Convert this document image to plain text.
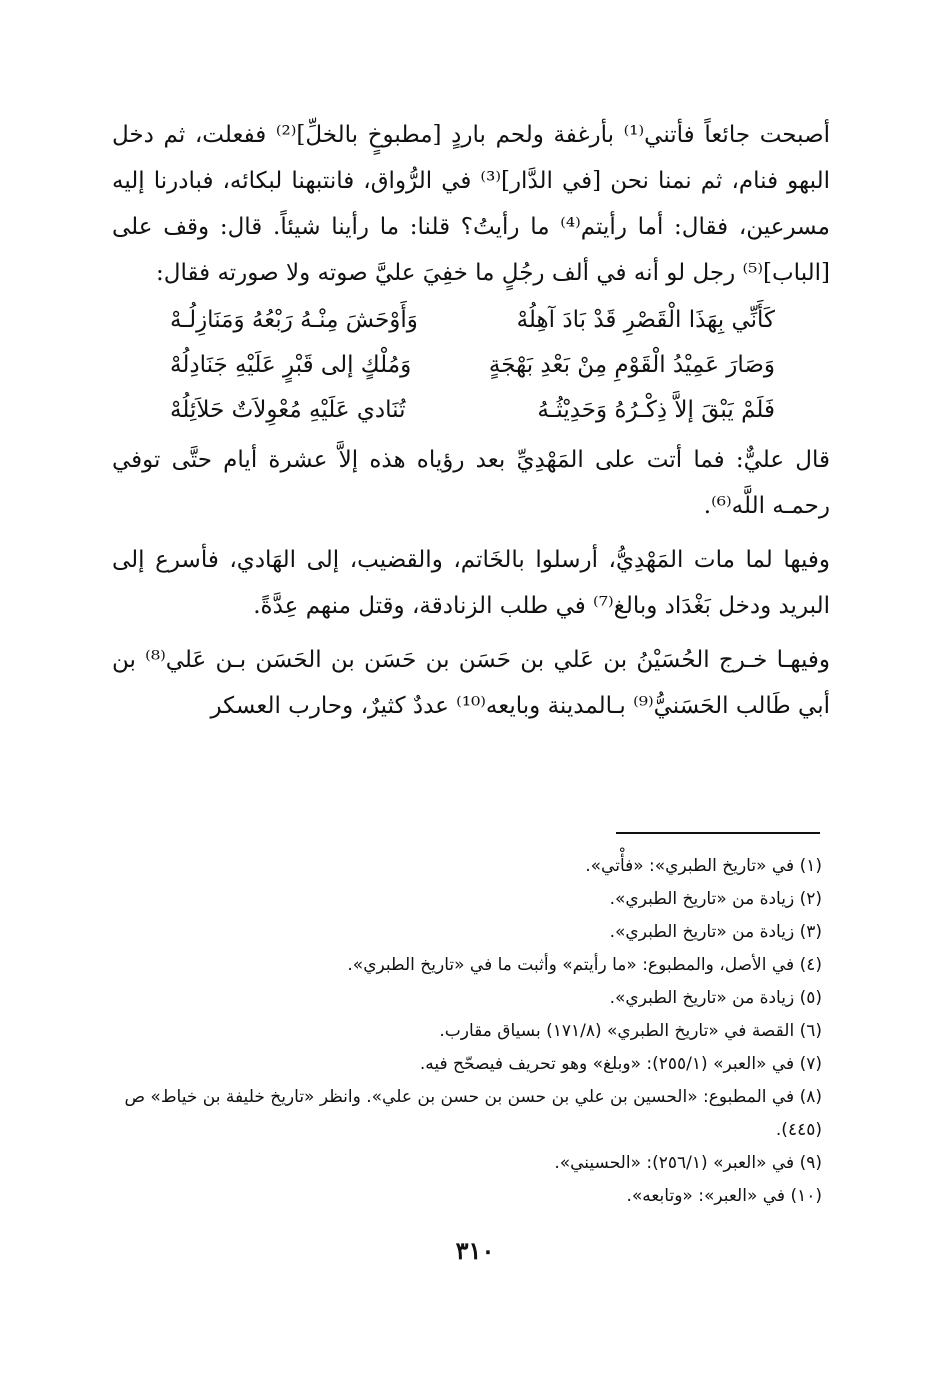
أصبحت جائعاً فأتني⁽¹⁾ بأرغفة ولحم باردٍ [مطبوخٍ بالخلِّ]⁽²⁾ ففعلت، ثم دخل البهو فنام، ثم نمنا نحن [في الدَّار]⁽³⁾ في الرُّواق، فانتبهنا لبكائه، فبادرنا إليه مسرعين، فقال: أما رأيتم⁽⁴⁾ ما رأيتُ؟ قلنا: ما رأينا شيئاً. قال: وقف على [الباب]⁽⁵⁾ رجل لو أنه في ألف رجُلٍ ما خفِيَ عليَّ صوته ولا صورته فقال:

كَأَنِّي بِهَذَا الْقَصْرِ قَدْ بَادَ آهِلُهْ
وَأَوْحَشَ مِنْـهُ رَبْعُهُ وَمَنَازِلُـهْ
وَصَارَ عَمِيْدُ الْقَوْمِ مِنْ بَعْدِ بَهْجَةٍ
وَمُلْكٍ إلى قَبْرٍ عَلَيْهِ جَنَادِلُهْ
فَلَمْ يَبْقَ إلاَّ ذِكْـرُهُ وَحَدِيْثُـهُ
تُنَادي عَلَيْهِ مُعْوِلاَتٌ حَلاَئِلُهْ

قال عليٌّ: فما أتت على المَهْدِيِّ بعد رؤياه هذه إلاَّ عشرة أيام حتَّى توفي رحمـه اللَّه⁽⁶⁾.

وفيها لما مات المَهْدِيُّ، أرسلوا بالخَاتم، والقضيب، إلى الهَادي، فأسرع إلى البريد ودخل بَغْدَاد وبالغ⁽⁷⁾ في طلب الزنادقة، وقتل منهم عِدَّةً.

وفيهـا خـرج الحُسَيْنُ بن عَلي بن حَسَن بن حَسَن بن الحَسَن بـن عَلي⁽⁸⁾ بن أبي طَالب الحَسَنيُّ⁽⁹⁾ بـالمدينة وبايعه⁽¹⁰⁾ عددٌ كثيرٌ، وحارب العسكر

(١) في «تاريخ الطبري»: «فأْتي».

(٢) زيادة من «تاريخ الطبري».

(٣) زيادة من «تاريخ الطبري».

(٤) في الأصل، والمطبوع: «ما رأيتم» وأثبت ما في «تاريخ الطبري».

(٥) زيادة من «تاريخ الطبري».

(٦) القصة في «تاريخ الطبري» (١٧١/٨) بسياق مقارب.

(٧) في «العبر» (٢٥٥/١): «وبلغ» وهو تحريف فيصحّح فيه.

(٨) في المطبوع: «الحسين بن علي بن حسن بن حسن بن علي». وانظر «تاريخ خليفة بن خياط» ص (٤٤٥).

(٩) في «العبر» (٢٥٦/١): «الحسيني».

(١٠) في «العبر»: «وتابعه».

٣١٠
